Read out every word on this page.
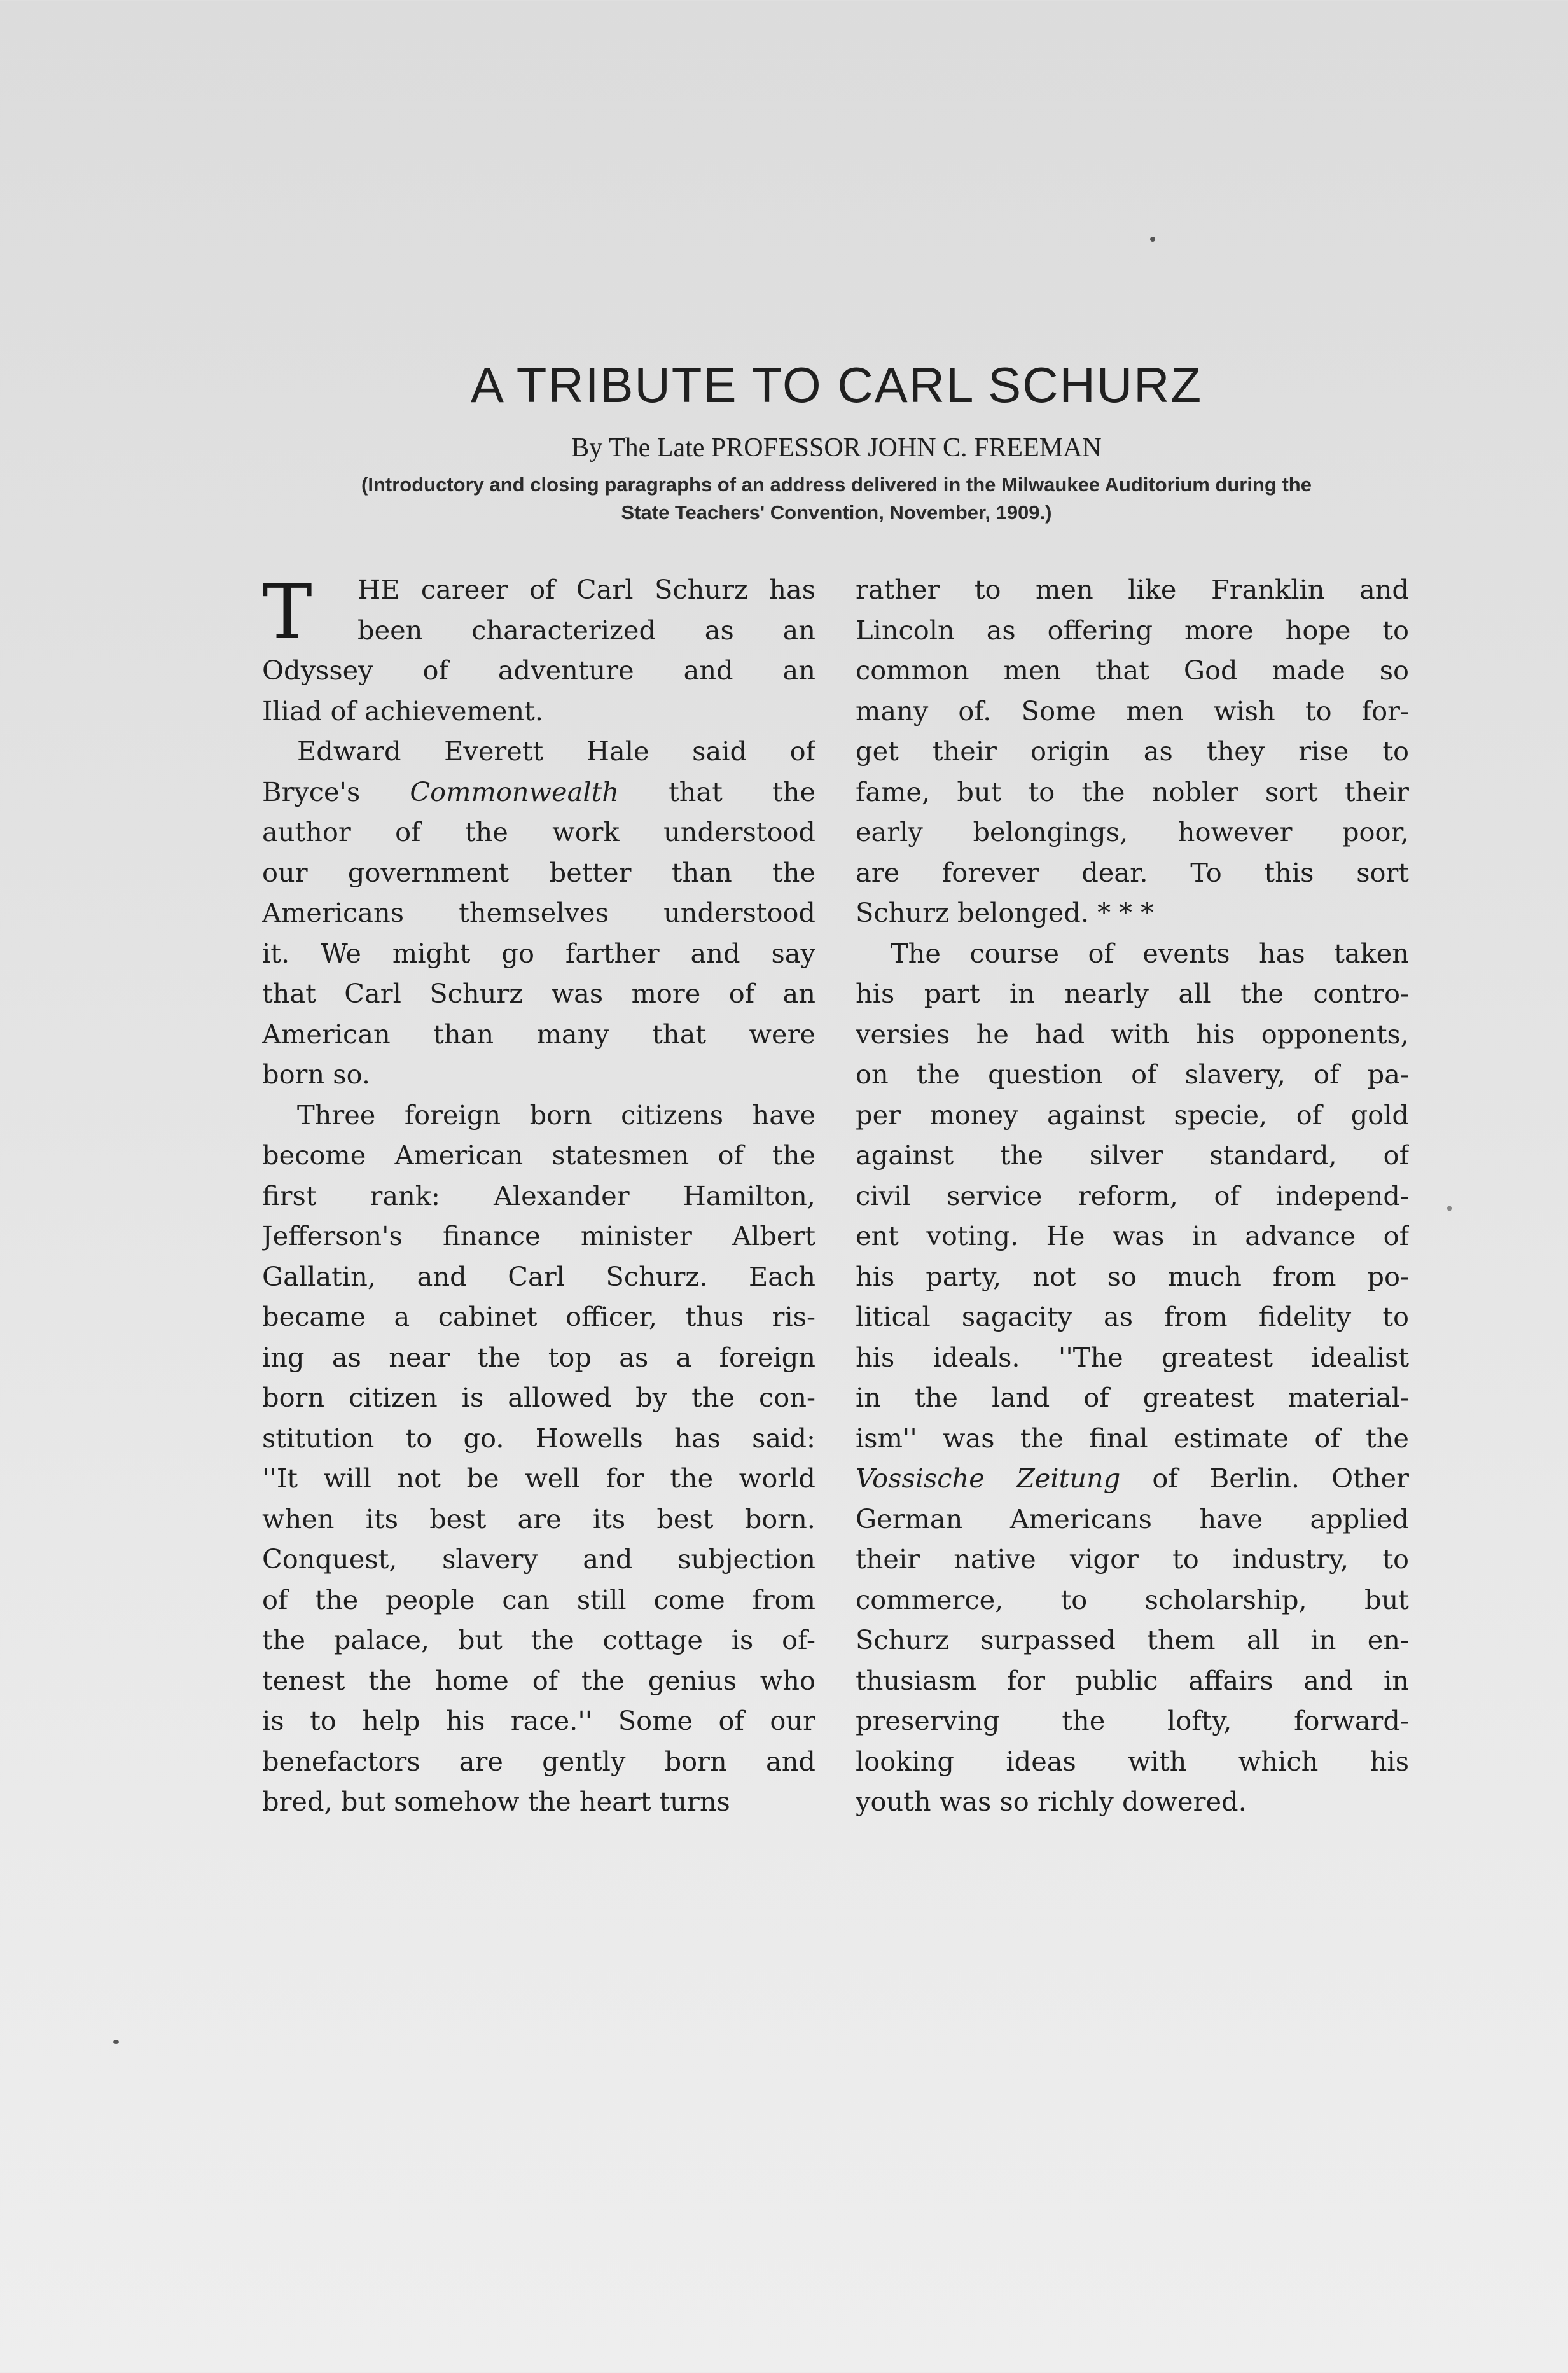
A TRIBUTE TO CARL SCHURZ
By The Late PROFESSOR JOHN C. FREEMAN
(Introductory and closing paragraphs of an address delivered in the Milwaukee Auditorium during the
State Teachers' Convention, November, 1909.)
T	HE career of Carl Schurz has
been characterized as an
Odyssey of adventure and an
Iliad of achievement.
Edward Everett Hale said of
Bryce's Commonwealth that the
author of the work understood
our government better than the
Americans themselves understood
it. We might go farther and say
that Carl Schurz was more of an
American than many that were
born so.
Three foreign born citizens have
become American statesmen of the
first rank: Alexander Hamilton,
Jefferson's finance minister Albert
Gallatin, and Carl Schurz. Each
became a cabinet officer, thus ris-
ing as near the top as a foreign
born citizen is allowed by the con-
stitution to go. Howells has said:
''It will not be well for the world
when its best are its best born.
Conquest, slavery and subjection
of the people can still come from
the palace, but the cottage is of-
tenest the home of the genius who
is to help his race.'' Some of our
benefactors are gently born and
bred, but somehow the heart turns
rather to men like Franklin and
Lincoln as offering more hope to
common men that God made so
many of. Some men wish to for-
get their origin as they rise to
fame, but to the nobler sort their
early belongings, however poor,
are forever dear. To this sort
Schurz belonged. * * *
The course of events has taken
his part in nearly all the contro-
versies he had with his opponents,
on the question of slavery, of pa-
per money against specie, of gold
against the silver standard, of
civil service reform, of independ-
ent voting. He was in advance of
his party, not so much from po-
litical sagacity as from fidelity to
his ideals. ''The greatest idealist
in the land of greatest material-
ism'' was the final estimate of the
Vossische Zeitung of Berlin. Other
German Americans have applied
their native vigor to industry, to
commerce, to scholarship, but
Schurz surpassed them all in en-
thusiasm for public affairs and in
preserving the lofty, forward-
looking ideas with which his
youth was so richly dowered.
